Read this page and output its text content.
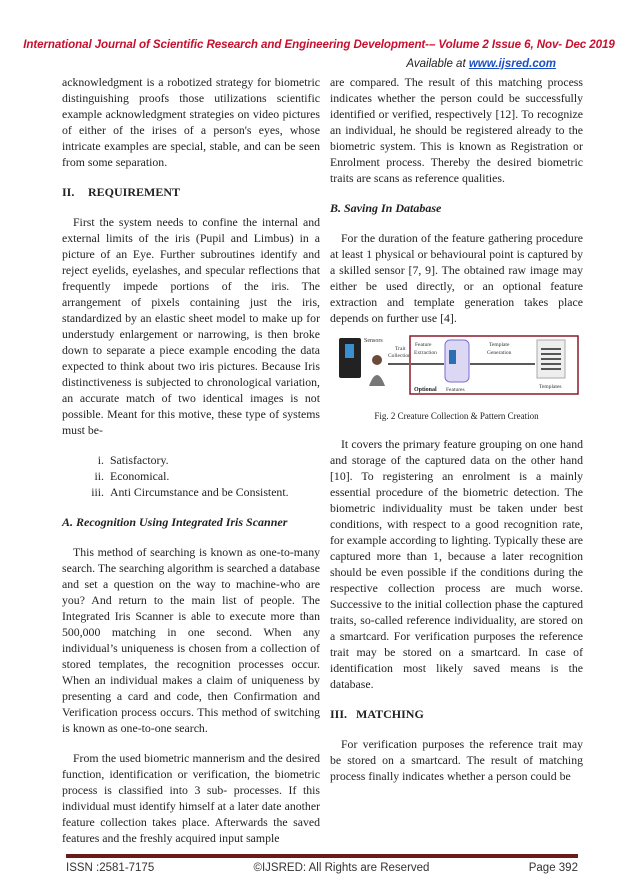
International Journal of Scientific Research and Engineering Development-– Volume 2 Issue 6, Nov- Dec 2019
Available at www.ijsred.com

acknowledgment is a robotized strategy for biometric distinguishing proofs those utilizations scientific example acknowledgment strategies on video pictures of either of the irises of a person's eyes, whose intricate examples are special, stable, and can be seen from some separation.

II. REQUIREMENT

First the system needs to confine the internal and external limits of the iris (Pupil and Limbus) in a picture of an Eye. Further subroutines identify and reject eyelids, eyelashes, and specular reflections that frequently impede portions of the iris. The arrangement of pixels containing just the iris, standardized by an elastic sheet model to make up for understudy enlargement or narrowing, is then broke down to separate a piece example encoding the data expected to think about two iris pictures. Because Iris distinctiveness is subjected to chronological variation, an accurate match of two identical images is not possible. Meant for this motive, these type of systems must be-

i. Satisfactory.
ii. Economical.
iii. Anti Circumstance and be Consistent.
A. Recognition Using Integrated Iris Scanner

This method of searching is known as one-to-many search. The searching algorithm is searched a database and set a question on the way to machine-who are you? And return to the main list of people. The Integrated Iris Scanner is able to execute more than 500,000 matching in one second. When any individual’s uniqueness is chosen from a collection of stored templates, the recognition processes occur. When an individual makes a claim of uniqueness by presenting a card and code, then Confirmation and Verification process occurs. This method of switching is known as one-to-one search.

From the used biometric mannerism and the desired function, identification or verification, the biometric process is classified into 3 sub- processes. If this individual must identify himself at a later date another feature collection takes place. Afterwards the saved features and the freshly acquired input sample

are compared. The result of this matching process indicates whether the person could be successfully identified or verified, respectively [12]. To recognize an individual, he should be registered already to the biometric system. This is known as Registration or Enrolment process. Thereby the desired biometric traits are scans as reference qualities.

B. Saving In Database

For the duration of the feature gathering procedure at least 1 physical or behavioural point is captured by a skilled sensor [7, 9]. The obtained raw image may either be used directly, or an optional feature extraction and template generation takes place depends on further use [4].

Sensors
Trait
Collection
Feature
Extraction
Template
Generation
Optional Features	Templates
Fig. 2 Creature Collection & Pattern Creation

It covers the primary feature grouping on one hand and storage of the captured data on the other hand [10]. To registering an enrolment is a mainly essential procedure of the biometric detection. The biometric individuality must be taken under best conditions, with respect to a good recognition rate, for example according to lighting. Typically these are captured more than 1, because a later recognition should be even possible if the conditions during the respective collection process are much worse. Successive to the initial collection phase the captured traits, so-called reference individuality, are stored on a smartcard. For verification purposes the reference trait may be stored on a smartcard. In case of identification most likely saved means is the database.

III. MATCHING

For verification purposes the reference trait may be stored on a smartcard. The result of matching process finally indicates whether a person could be

ISSN :2581-7175	©IJSRED: All Rights are Reserved	Page 392
